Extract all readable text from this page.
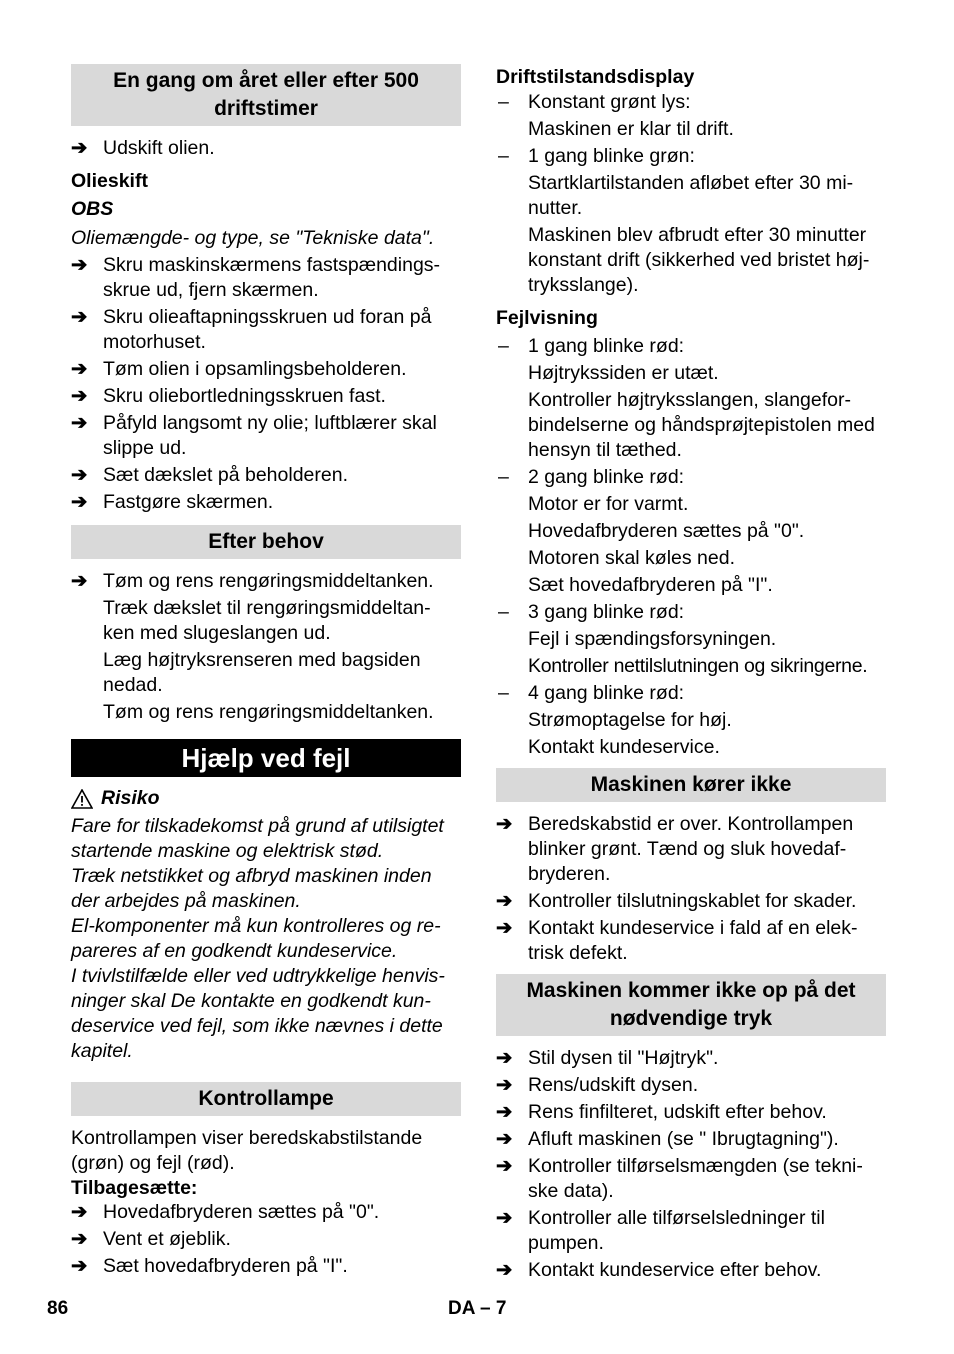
En gang om året eller efter 500 driftstimer
➔ Udskift olien.

Olieskift

OBS

Oliemængde- og type, se "Tekniske data".

➔ Skru maskinskærmens fastspændings-skrue ud, fjern skærmen.
➔ Skru olieaftapningsskruen ud foran på motorhuset.
➔ Tøm olien i opsamlingsbeholderen.
➔ Skru oliebortledningsskruen fast.
➔ Påfyld langsomt ny olie; luftblærer skal slippe ud.
➔ Sæt dækslet på beholderen.
➔ Fastgøre skærmen.
Efter behov
➔ Tøm og rens rengøringsmiddeltanken.
Træk dækslet til rengøringsmiddeltan-ken med slugeslangen ud.
Læg højtryksrenseren med bagsiden nedad.
Tøm og rens rengøringsmiddeltanken.
Hjælp ved fejl
Risiko

Fare for tilskadekomst på grund af utilsigtet startende maskine og elektrisk stød.

Træk netstikket og afbryd maskinen inden der arbejdes på maskinen.

El-komponenter må kun kontrolleres og re-pareres af en godkendt kundeservice.

I tvivlstilfælde eller ved udtrykkelige henvis-ninger skal De kontakte en godkendt kun-deservice ved fejl, som ikke nævnes i dette kapitel.

Kontrollampe

Kontrollampen viser beredskabstilstande (grøn) og fejl (rød).

Tilbagesætte:

➔ Hovedafbryderen sættes på "0".
➔ Vent et øjeblik.
➔ Sæt hovedafbryderen på "I".

Driftstilstandsdisplay

– Konstant grønt lys:
Maskinen er klar til drift.
– 1 gang blinke grøn:
Startklartilstanden afløbet efter 30 mi-nutter.
Maskinen blev afbrudt efter 30 minutter konstant drift (sikkerhed ved bristet høj-tryksslange).

Fejlvisning

– 1 gang blinke rød:
Højtrykssiden er utæt.
Kontroller højtryksslangen, slangefor-bindelserne og håndsprøjtepistolen med hensyn til tæthed.
– 2 gang blinke rød:
Motor er for varmt.
Hovedafbryderen sættes på "0".
Motoren skal køles ned.
Sæt hovedafbryderen på "I".
– 3 gang blinke rød:
Fejl i spændingsforsyningen.
Kontroller nettilslutningen og sikringerne.
– 4 gang blinke rød:
Strømoptagelse for høj.
Kontakt kundeservice.
Maskinen kører ikke
➔ Beredskabstid er over. Kontrollampen blinker grønt. Tænd og sluk hovedaf-bryderen.
➔ Kontroller tilslutningskablet for skader.
➔ Kontakt kundeservice i fald af en elek-trisk defekt.
Maskinen kommer ikke op på det nødvendige tryk
➔ Stil dysen til "Højtryk".
➔ Rens/udskift dysen.
➔ Rens finfilteret, udskift efter behov.
➔ Afluft maskinen (se " Ibrugtagning").
➔ Kontroller tilførselsmængden (se tekni-ske data).
➔ Kontroller alle tilførselsledninger til pumpen.
➔ Kontakt kundeservice efter behov.
86	DA – 7
